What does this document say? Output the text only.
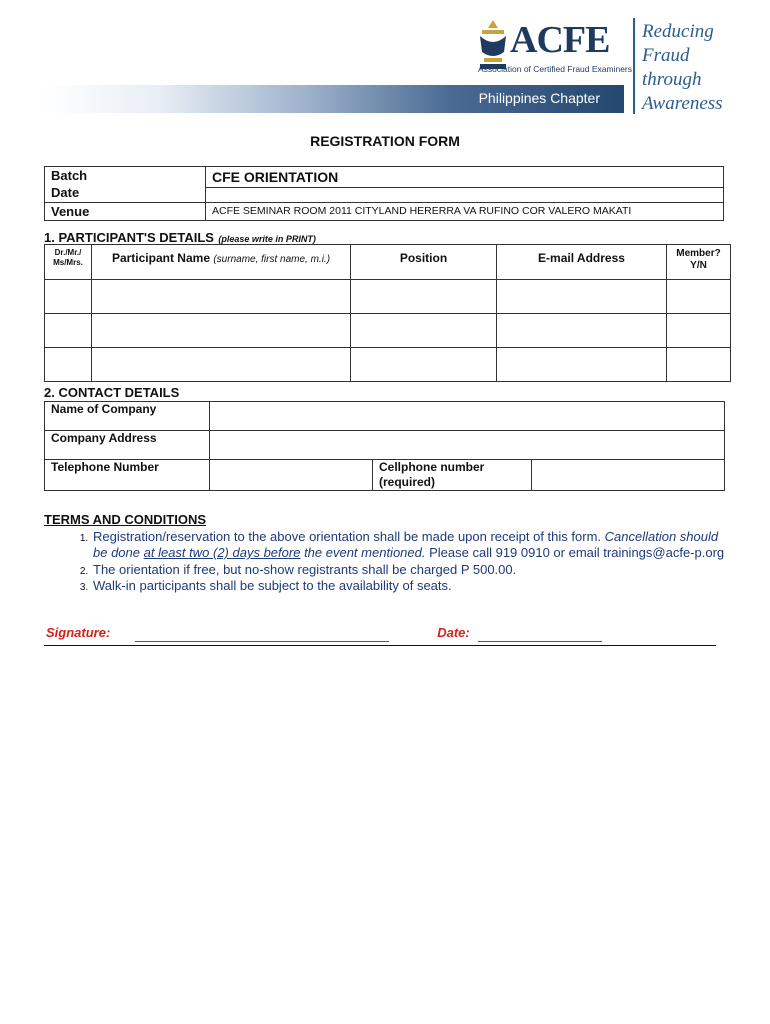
ACFE
Association of Certified Fraud Examiners
Philippines Chapter
Reducing
Fraud
through
Awareness
REGISTRATION FORM
Batch
Date	CFE ORIENTATION

Venue	ACFE SEMINAR ROOM 2011 CITYLAND HERERRA VA RUFINO COR VALERO MAKATI
1. PARTICIPANT'S DETAILS (please write in PRINT)
Dr./Mr./ Ms/Mrs.	Participant Name (surname, first name, m.i.)	Position	E-mail Address	Member? Y/N

2. CONTACT DETAILS
Name of Company			
Company Address			
Telephone Number		Cellphone number (required)	
TERMS AND CONDITIONS
1. Registration/reservation to the above orientation shall be made upon receipt of this form. Cancellation should be done at least two (2) days before the event mentioned. Please call 919 0910 or email trainings@acfe-p.org
2. The orientation if free, but no-show registrants shall be charged P 500.00.
3. Walk-in participants shall be subject to the availability of seats.
Signature:	Date:
